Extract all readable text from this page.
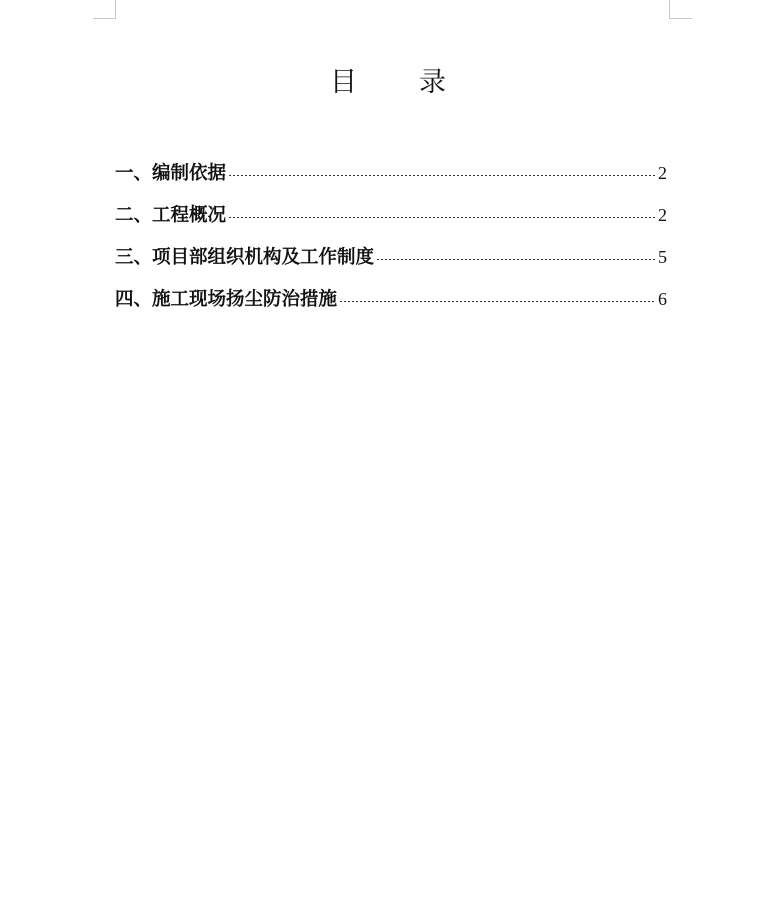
目 录
一、编制依据	2
二、工程概况	2
三、项目部组织机构及工作制度	5
四、施工现场扬尘防治措施	6
